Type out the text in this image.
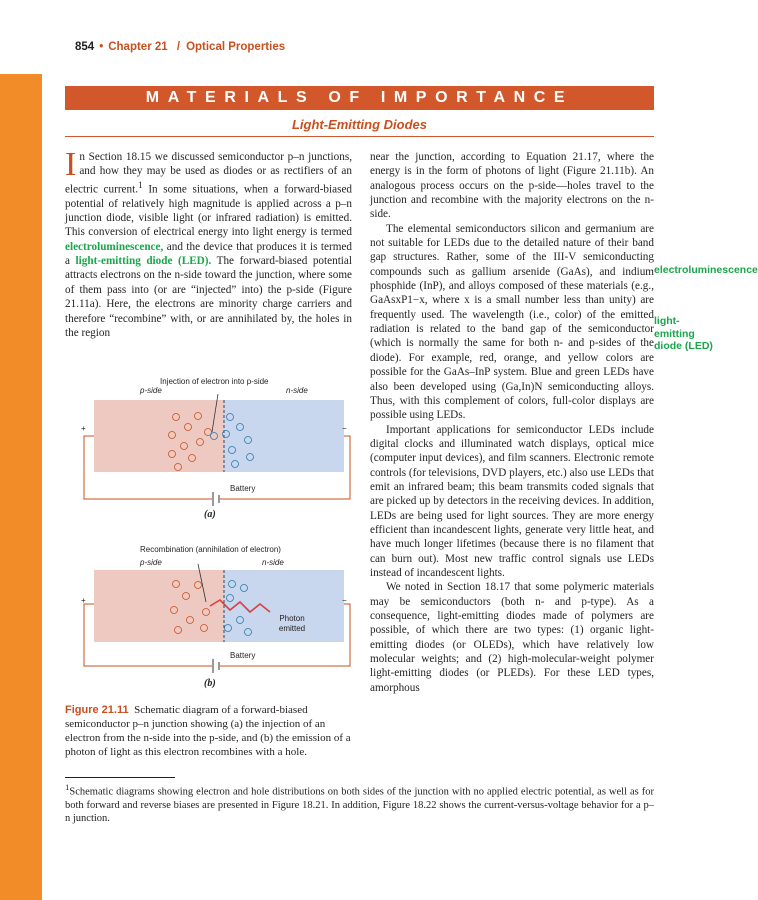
854 • Chapter 21 / Optical Properties
MATERIALS OF IMPORTANCE
Light-Emitting Diodes

In Section 18.15 we discussed semiconductor p–n junctions, and how they may be used as diodes or as rectifiers of an electric current.$^1$ In some situations, when a forward-biased potential of relatively high magnitude is applied across a p–n junction diode, visible light (or infrared radiation) is emitted. This conversion of electrical energy into light energy is termed electroluminescence, and the device that produces it is termed a light-emitting diode (LED). The forward-biased potential attracts electrons on the n-side toward the junction, where some of them pass into (or are “injected” into) the p-side (Figure 21.11a). Here, the electrons are minority charge carriers and therefore “recombine” with, or are annihilated by, the holes in the region

near the junction, according to Equation 21.17, where the energy is in the form of photons of light (Figure 21.11b). An analogous process occurs on the p-side—holes travel to the junction and recombine with the majority electrons on the n-side.

The elemental semiconductors silicon and germanium are not suitable for LEDs due to the detailed nature of their band gap structures. Rather, some of the III-V semiconducting compounds such as gallium arsenide (GaAs), and indium phosphide (InP), and alloys composed of these materials (e.g., GaAsxP1−x, where x is a small number less than unity) are frequently used. The wavelength (i.e., color) of the emitted radiation is related to the band gap of the semiconductor (which is normally the same for both n- and p-sides of the diode). For example, red, orange, and yellow colors are possible for the GaAs–InP system. Blue and green LEDs have also been developed using (Ga,In)N semiconducting alloys. Thus, with this complement of colors, full-color displays are possible using LEDs.

Important applications for semiconductor LEDs include digital clocks and illuminated watch displays, optical mice (computer input devices), and film scanners. Electronic remote controls (for televisions, DVD players, etc.) also use LEDs that emit an infrared beam; this beam transmits coded signals that are picked up by detectors in the receiving devices. In addition, LEDs are being used for light sources. They are more energy efficient than incandescent lights, generate very little heat, and have much longer lifetimes (because there is no filament that can burn out). Most new traffic control signals use LEDs instead of incandescent lights.

We noted in Section 18.17 that some polymeric materials may be semiconductors (both n- and p-type). As a consequence, light-emitting diodes made of polymers are possible, of which there are two types: (1) organic light-emitting diodes (or OLEDs), which have relatively low molecular weights; and (2) high-molecular-weight polymer light-emitting diodes (or PLEDs). For these LED types, amorphous

electroluminescence
light-emitting diode (LED)
Injection of electron into p-side
p-side	n-side
+	−
Battery
(a)
Recombination (annihilation of electron)
p-side	n-side
+	−
Photon emitted
Battery
(b)
Figure 21.11 Schematic diagram of a forward-biased semiconductor p–n junction showing (a) the injection of an electron from the n-side into the p-side, and (b) the emission of a photon of light as this electron recombines with a hole.
$^1$Schematic diagrams showing electron and hole distributions on both sides of the junction with no applied electric potential, as well as for both forward and reverse biases are presented in Figure 18.21. In addition, Figure 18.22 shows the current-versus-voltage behavior for a p–n junction.
